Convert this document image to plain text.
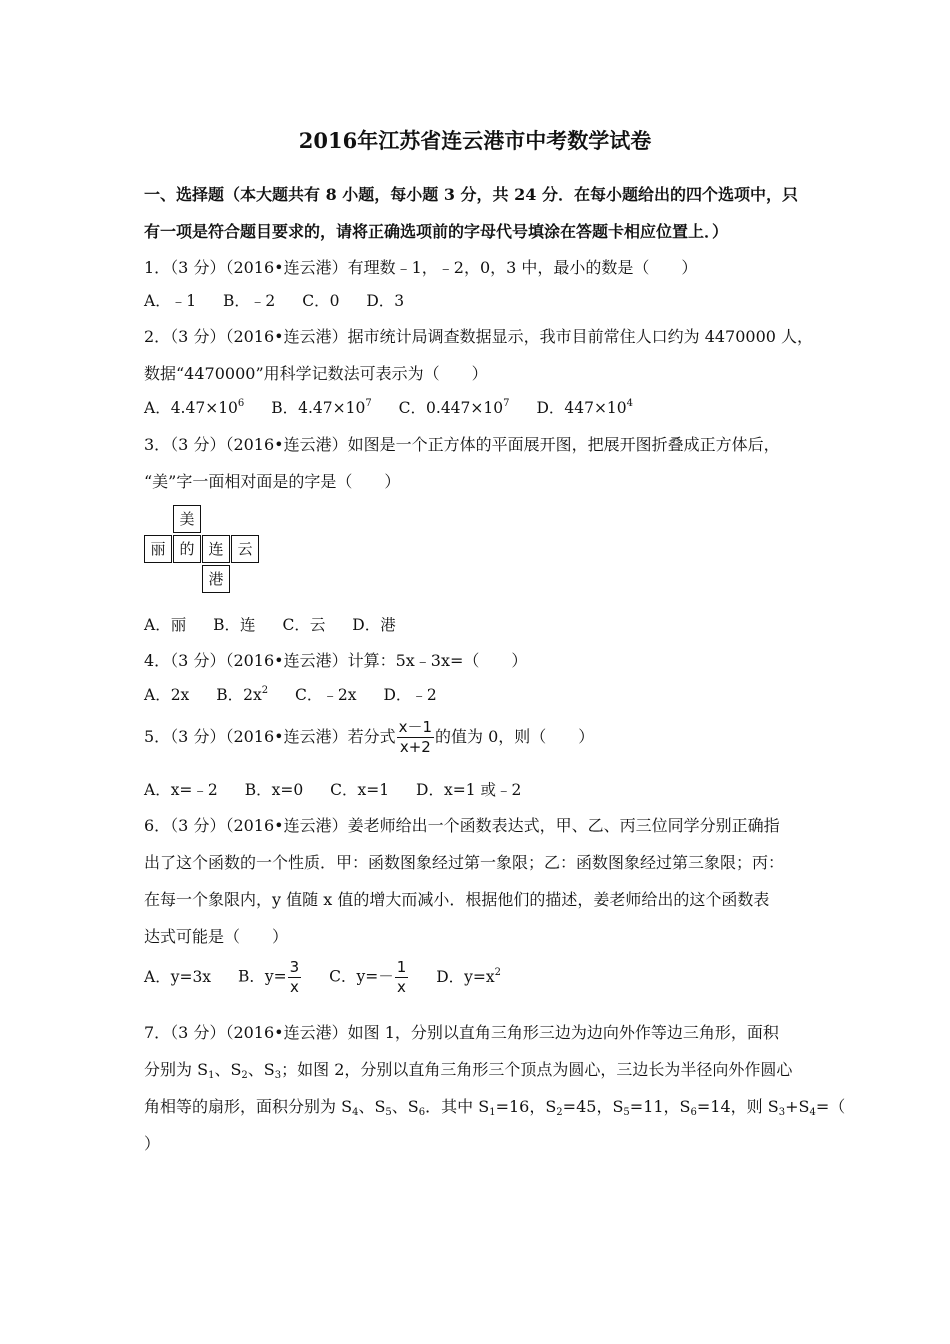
2016年江苏省连云港市中考数学试卷
一、选择题（本大题共有 8 小题，每小题 3 分，共 24 分．在每小题给出的四个选项中，只
有一项是符合题目要求的，请将正确选项前的字母代号填涂在答题卡相应位置上．）
1．（3 分）（2016•连云港）有理数﹣1，﹣2，0，3 中，最小的数是（　　）
A．﹣1 B．﹣2 C．0 D．3
2．（3 分）（2016•连云港）据市统计局调查数据显示，我市目前常住人口约为 4470000 人，
数据“4470000”用科学记数法可表示为（　　）
A．$4.47\times 10^6$ B．$4.47\times 10^7$ C．$0.447\times 10^7$ D．$447\times 10^4$
3．（3 分）（2016•连云港）如图是一个正方体的平面展开图，把展开图折叠成正方体后，
“美”字一面相对面是的字是（　　）
美
丽 的 连 云
港
A．丽 B．连 C．云 D．港
4．（3 分）（2016•连云港）计算：5x﹣3x=（　　）
A．2x B．$2x^2$ C．﹣2x D．﹣2
5．（3 分）（2016•连云港）若分式 $\frac{x-1}{x+2}$ 的值为 0，则（　　）
A．x=﹣2 B．x=0 C．x=1 D．x=1 或﹣2
6．（3 分）（2016•连云港）姜老师给出一个函数表达式，甲、乙、丙三位同学分别正确指
出了这个函数的一个性质．甲：函数图象经过第一象限；乙：函数图象经过第三象限；丙：
在每一个象限内，y 值随 x 值的增大而减小．根据他们的描述，姜老师给出的这个函数表
达式可能是（　　）
A．y=3x B．$y= \frac{3}{x}$ C．$y=- \frac{1}{x}$ D．$y=x^2$
7．（3 分）（2016•连云港）如图 1，分别以直角三角形三边为边向外作等边三角形，面积
分别为 $S_1$、$S_2$、$S_3$；如图 2，分别以直角三角形三个顶点为圆心，三边长为半径向外作圆心
角相等的扇形，面积分别为 $S_4$、$S_5$、$S_6$．其中 $S_1=16$，$S_2=45$，$S_5=11$，$S_6=14$，则 $S_3+S_4=$（
）
